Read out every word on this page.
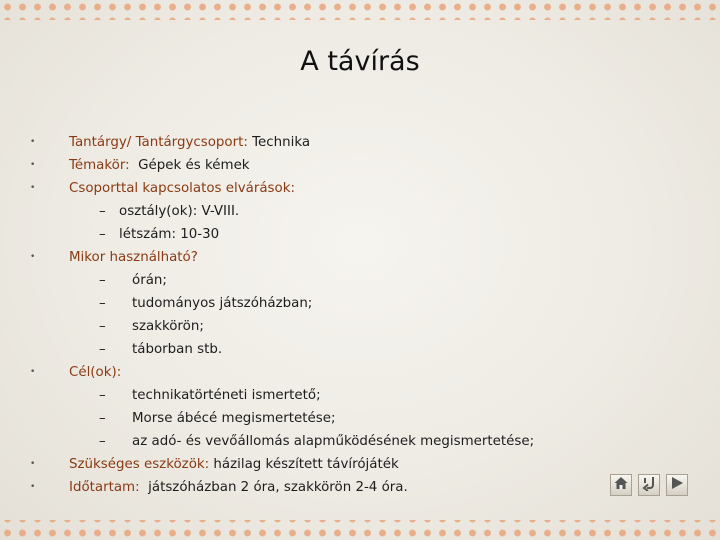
A távírás
•	Tantárgy/ Tantárgycsoport: Technika
•	Témakör:  Gépek és kémek
•	Csoporttal kapcsolatos elvárások:
– osztály(ok): V-VIII.
– létszám: 10-30
•	Mikor használható?
– órán;
– tudományos játszóházban;
– szakkörön;
– táborban stb.
•	Cél(ok):
– technikatörténeti ismertető;
– Morse ábécé megismertetése;
– az adó- és vevőállomás alapműködésének megismertetése;
•	Szükséges eszközök: házilag készített távírójáték
•	Időtartam:  játszóházban 2 óra, szakkörön 2-4 óra.
